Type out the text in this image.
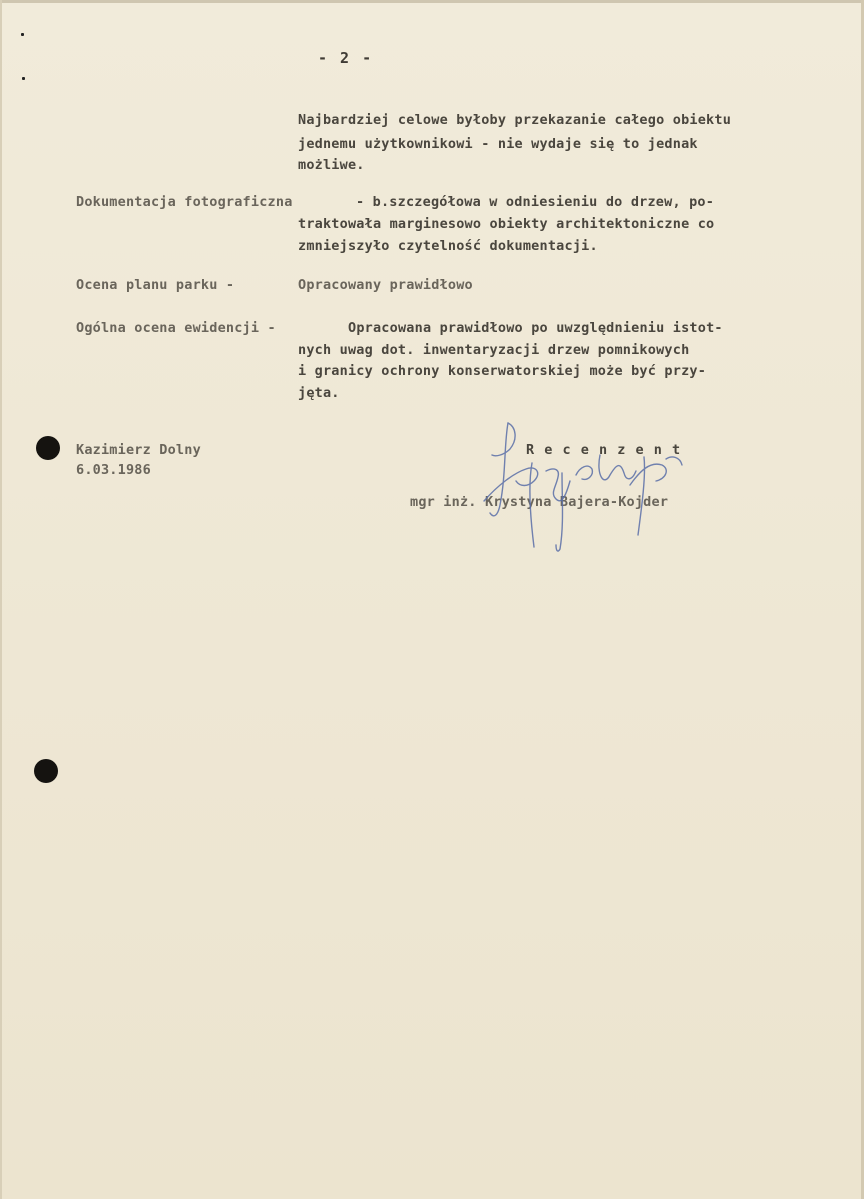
- 2 -
Najbardziej celowe byłoby przekazanie całego obiektu
jednemu użytkownikowi - nie wydaje się to jednak
możliwe.
Dokumentacja fotograficzna	- b.szczegółowa w odniesieniu do drzew, po-
traktowała marginesowo obiekty architektoniczne co
zmniejszyło czytelność dokumentacji.
Ocena planu parku -	Opracowany prawidłowo
Ogólna ocena ewidencji -	Opracowana prawidłowo po uwzględnieniu istot-
nych uwag dot. inwentaryzacji drzew pomnikowych
i granicy ochrony konserwatorskiej może być przy-
jęta.
Kazimierz Dolny
6.03.1986
R e c e n z e n t
mgr inż. Krystyna Bajera-Kojder
